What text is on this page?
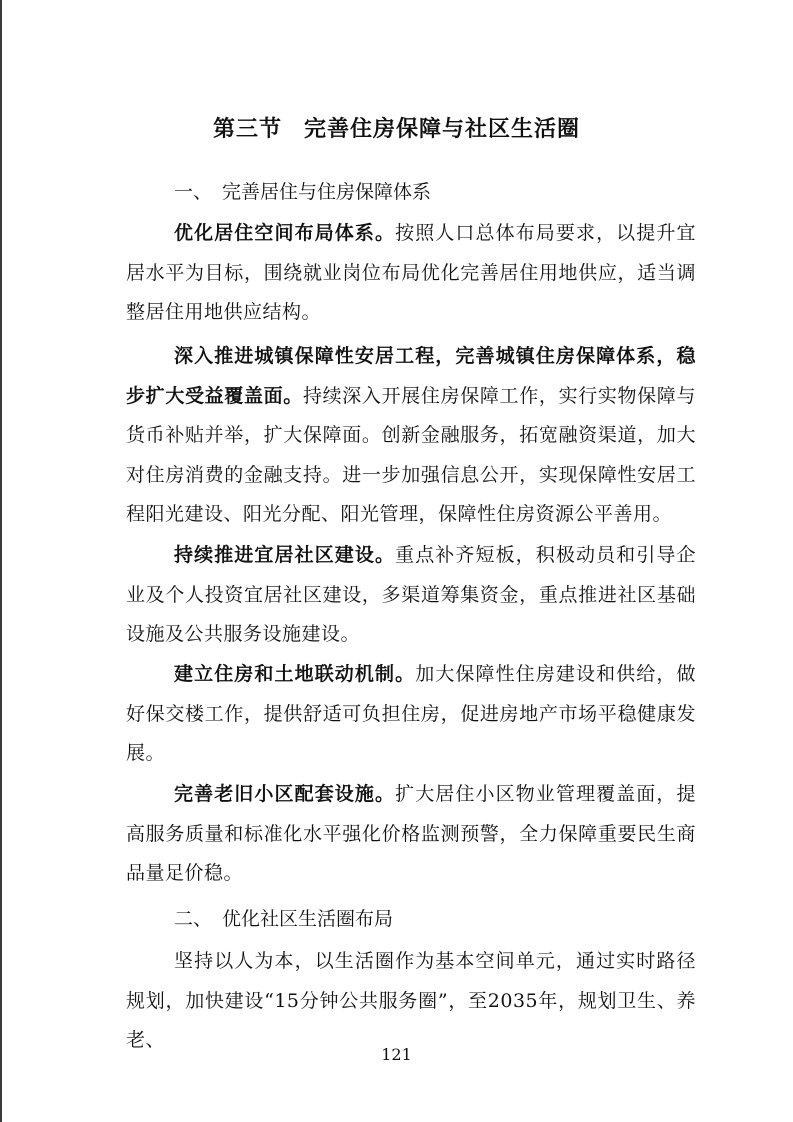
第三节 完善住房保障与社区生活圈
一、 完善居住与住房保障体系
优化居住空间布局体系。按照人口总体布局要求，以提升宜居水平为目标，围绕就业岗位布局优化完善居住用地供应，适当调整居住用地供应结构。
深入推进城镇保障性安居工程，完善城镇住房保障体系，稳步扩大受益覆盖面。持续深入开展住房保障工作，实行实物保障与货币补贴并举，扩大保障面。创新金融服务，拓宽融资渠道，加大对住房消费的金融支持。进一步加强信息公开，实现保障性安居工程阳光建设、阳光分配、阳光管理，保障性住房资源公平善用。
持续推进宜居社区建设。重点补齐短板，积极动员和引导企业及个人投资宜居社区建设，多渠道筹集资金，重点推进社区基础设施及公共服务设施建设。
建立住房和土地联动机制。加大保障性住房建设和供给，做好保交楼工作，提供舒适可负担住房，促进房地产市场平稳健康发展。
完善老旧小区配套设施。扩大居住小区物业管理覆盖面，提高服务质量和标准化水平强化价格监测预警，全力保障重要民生商品量足价稳。
二、 优化社区生活圈布局
坚持以人为本，以生活圈作为基本空间单元，通过实时路径规划，加快建设“15分钟公共服务圈”，至2035年，规划卫生、养老、
121
